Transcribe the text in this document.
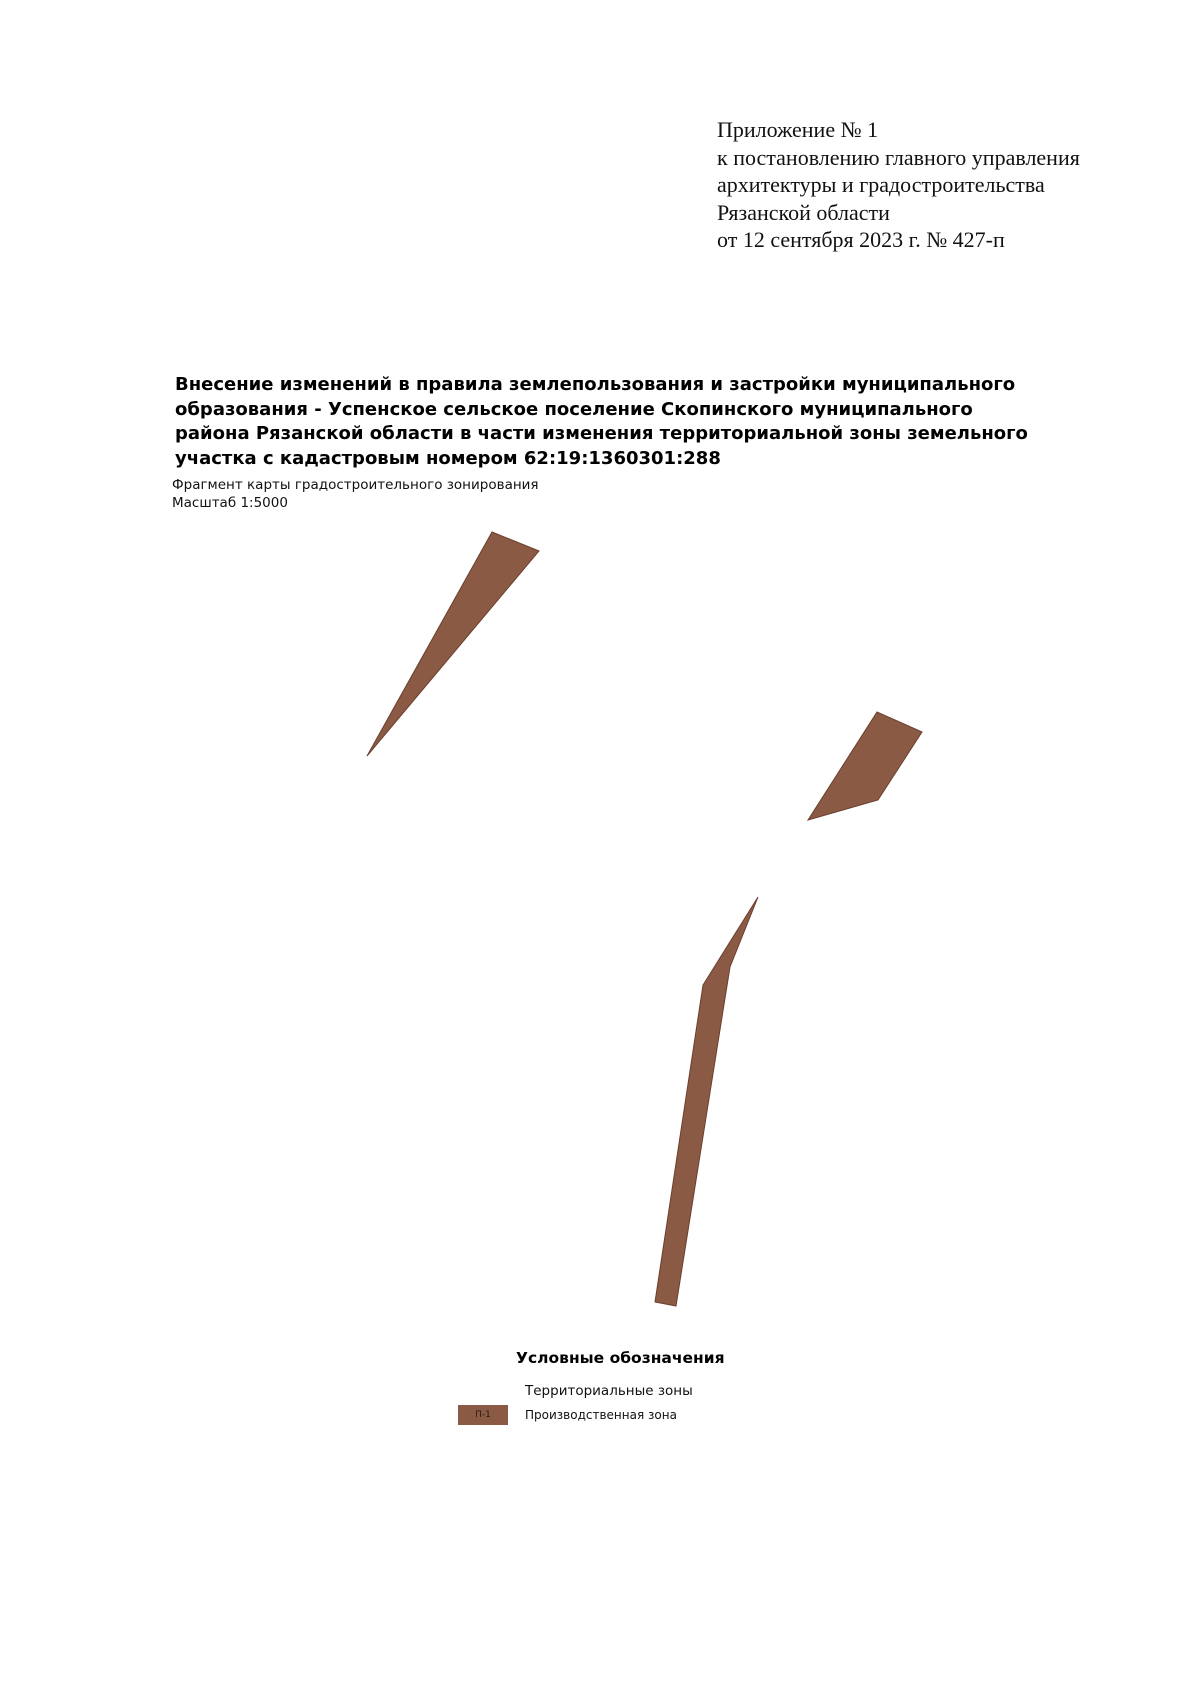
Приложение № 1
к постановлению главного управления
архитектуры и градостроительства
Рязанской области
от 12 сентября 2023 г. № 427-п
Внесение изменений в правила землепользования и застройки муниципального
образования - Успенское сельское поселение Скопинского муниципального
района Рязанской области в части изменения территориальной зоны земельного
участка с кадастровым номером 62:19:1360301:288
Фрагмент карты градостроительного зонирования
Масштаб 1:5000
Условные обозначения
Территориальные зоны
П-1	Производственная зона
